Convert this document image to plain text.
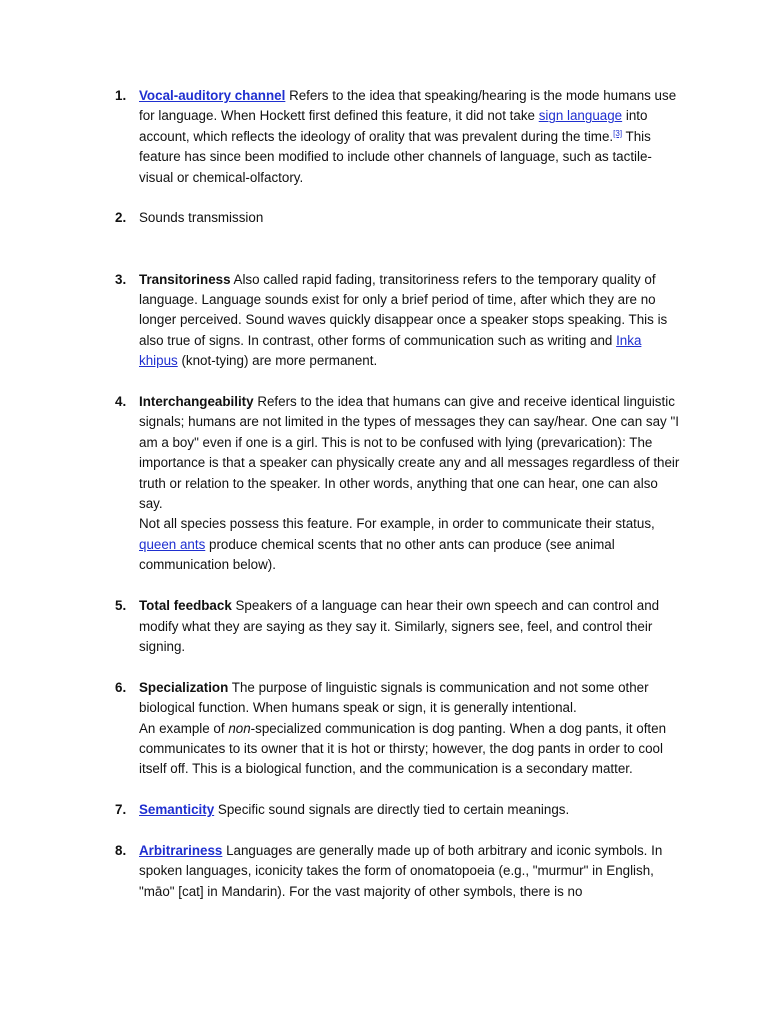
1. Vocal-auditory channel Refers to the idea that speaking/hearing is the mode humans use for language. When Hockett first defined this feature, it did not take sign language into account, which reflects the ideology of orality that was prevalent during the time.[3] This feature has since been modified to include other channels of language, such as tactile-visual or chemical-olfactory.
2. Sounds transmission
3. Transitoriness Also called rapid fading, transitoriness refers to the temporary quality of language. Language sounds exist for only a brief period of time, after which they are no longer perceived. Sound waves quickly disappear once a speaker stops speaking. This is also true of signs. In contrast, other forms of communication such as writing and Inka khipus (knot-tying) are more permanent.
4. Interchangeability Refers to the idea that humans can give and receive identical linguistic signals; humans are not limited in the types of messages they can say/hear. One can say "I am a boy" even if one is a girl. This is not to be confused with lying (prevarication): The importance is that a speaker can physically create any and all messages regardless of their truth or relation to the speaker. In other words, anything that one can hear, one can also say.
Not all species possess this feature. For example, in order to communicate their status, queen ants produce chemical scents that no other ants can produce (see animal communication below).
5. Total feedback Speakers of a language can hear their own speech and can control and modify what they are saying as they say it. Similarly, signers see, feel, and control their signing.
6. Specialization The purpose of linguistic signals is communication and not some other biological function. When humans speak or sign, it is generally intentional.
An example of non-specialized communication is dog panting. When a dog pants, it often communicates to its owner that it is hot or thirsty; however, the dog pants in order to cool itself off. This is a biological function, and the communication is a secondary matter.
7. Semanticity Specific sound signals are directly tied to certain meanings.
8. Arbitrariness Languages are generally made up of both arbitrary and iconic symbols. In spoken languages, iconicity takes the form of onomatopoeia (e.g., "murmur" in English, "māo" [cat] in Mandarin). For the vast majority of other symbols, there is no
